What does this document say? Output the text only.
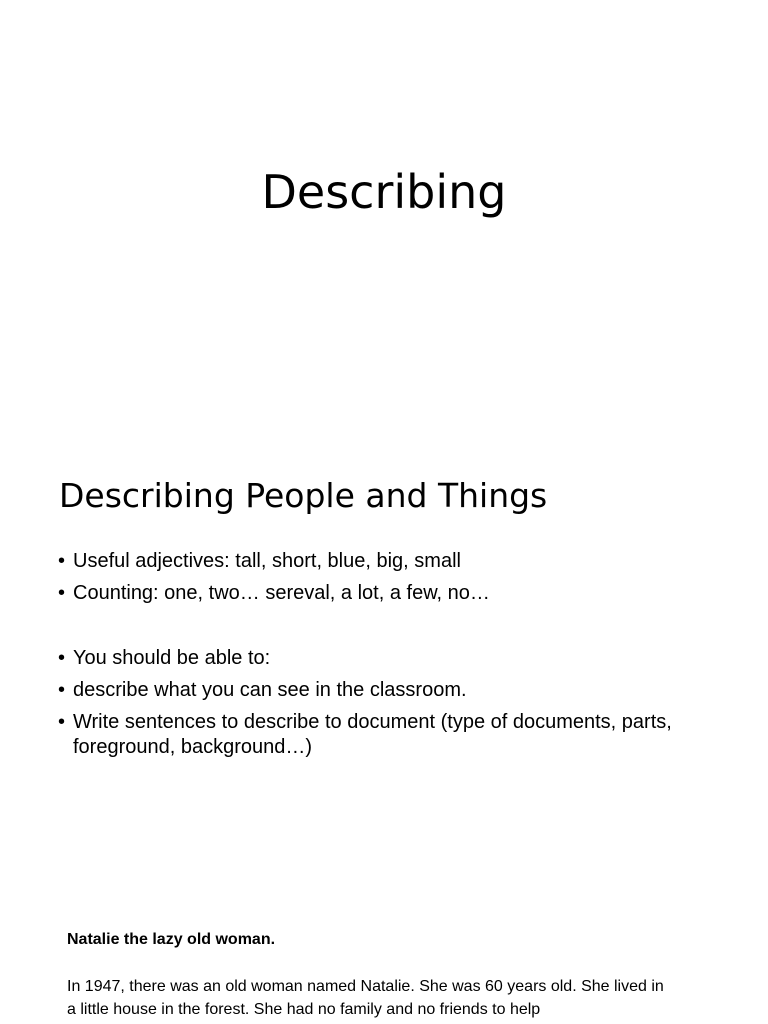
Describing
Describing People and Things
• Useful adjectives: tall, short, blue, big, small
• Counting: one, two… sereval, a lot, a few, no…
• You should be able to:
• describe what you can see in the classroom.
• Write sentences to describe to document (type of documents, parts, foreground, background…)

Natalie the lazy old woman.

In 1947, there was an old woman named Natalie. She was 60 years old. She lived in a little house in the forest. She had no family and no friends to help
